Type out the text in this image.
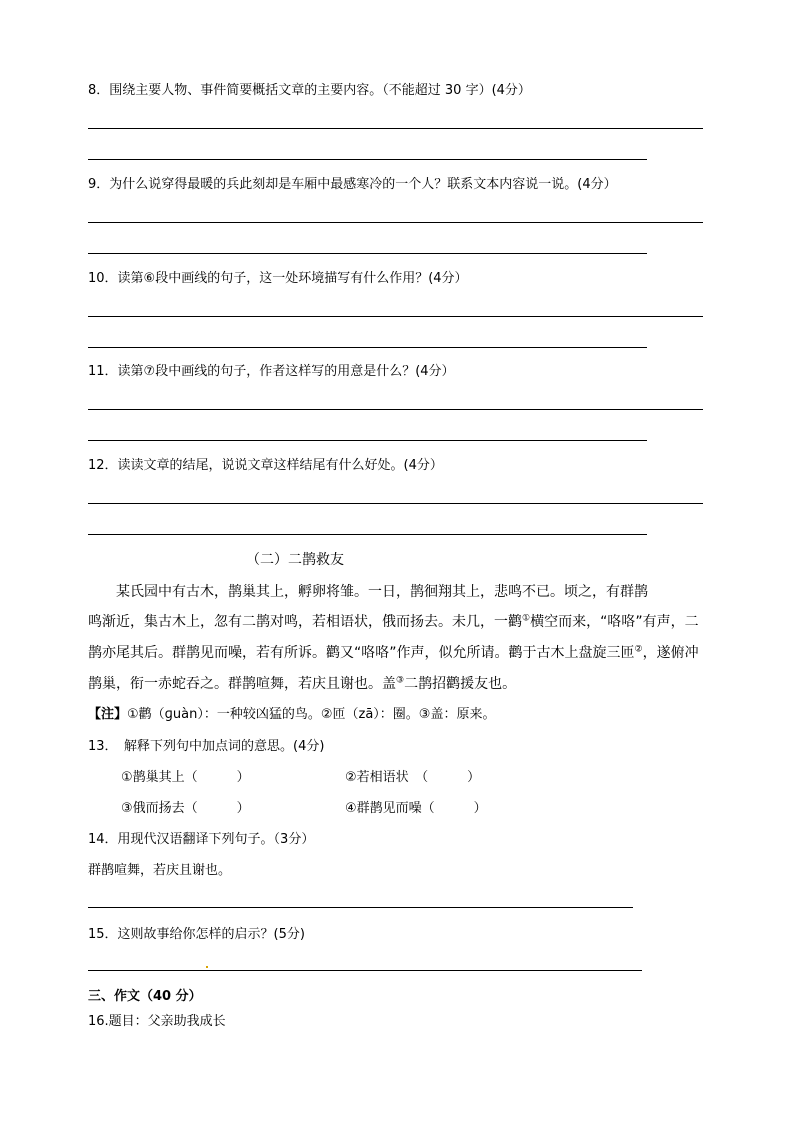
8．围绕主要人物、事件简要概括文章的主要内容。（不能超过 30 字）(4分）
9．为什么说穿得最暖的兵此刻却是车厢中最感寒冷的一个人？联系文本内容说一说。(4分）
10．读第⑥段中画线的句子，这一处环境描写有什么作用？(4分）
11．读第⑦段中画线的句子，作者这样写的用意是什么？(4分）
12．读读文章的结尾，说说文章这样结尾有什么好处。(4分）
（二）二鹊救友
某氏园中有古木，鹊巢其上，孵卵将雏。一日，鹊徊翔其上，悲鸣不已。顷之，有群鹊
鸣渐近，集古木上，忽有二鹊对鸣，若相语状，俄而扬去。未几，一鹳①横空而来，“咯咯”有声，二
鹊亦尾其后。群鹊见而噪，若有所诉。鹳又“咯咯”作声，似允所请。鹳于古木上盘旋三匝②，遂俯冲
鹊巢，衔一赤蛇吞之。群鹊喧舞，若庆且谢也。盖③二鹊招鹳援友也。
【注】①鹳（ɡuàn）：一种较凶猛的鸟。②匝（zā）：圈。③盖：原来。
13．　解释下列句中加点词的意思。(4分)
①鹊巢其上（　　　）	②若相语状　（　　　）
③俄而扬去（　　　）	④群鹊见而噪（　　　）
14．用现代汉语翻译下列句子。（3分）
群鹊喧舞，若庆且谢也。
15．这则故事给你怎样的启示？(5分)
三、作文（40 分）
16.题目：父亲助我成长
